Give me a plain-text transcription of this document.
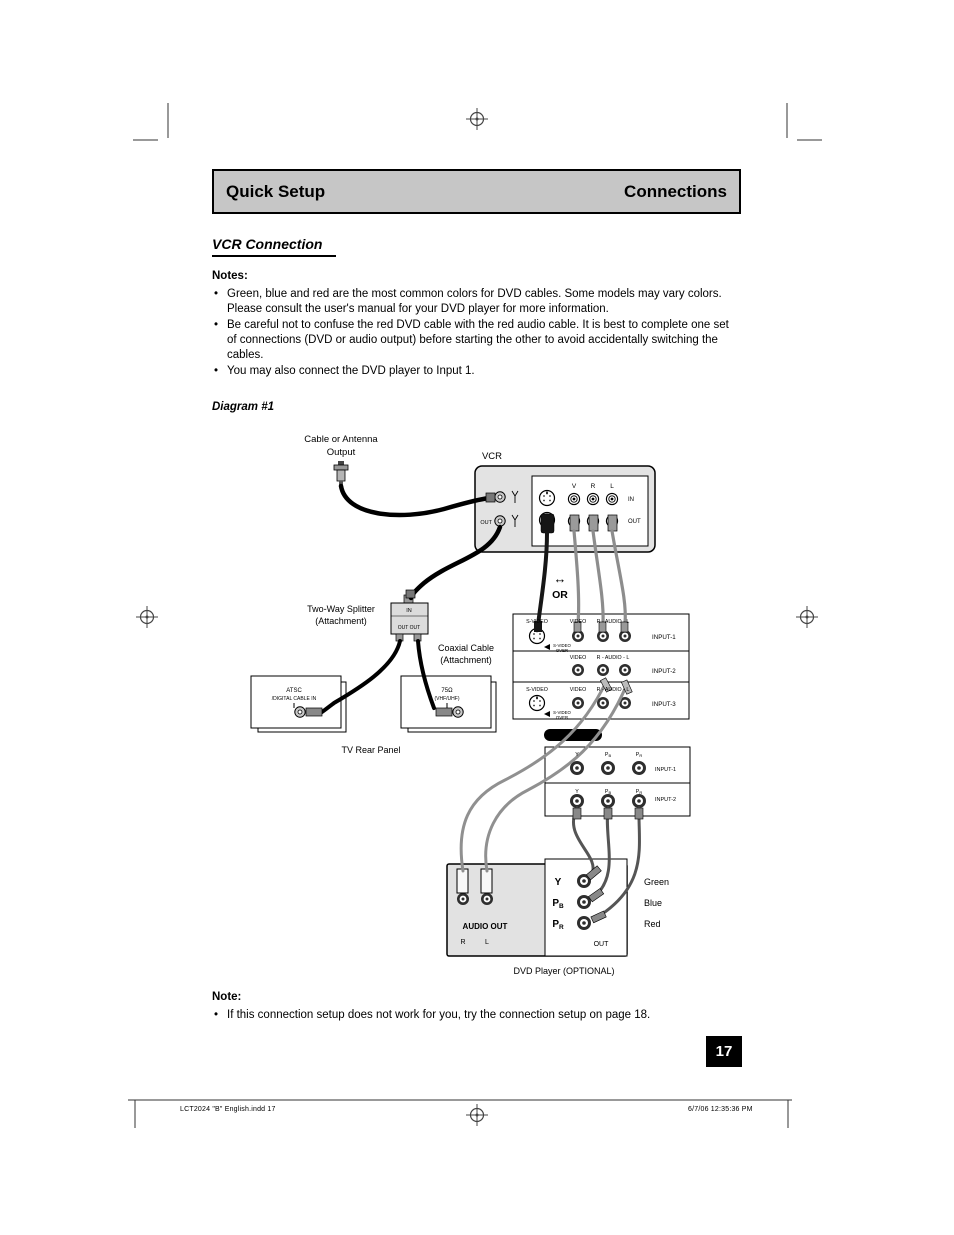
Cable or Antenna
Output	VCR
V R L
IN
OUT
OUT
↔
OR
Two-Way Splitter
(Attachment)
IN
OUT OUT
Coaxial Cable
(Attachment)
ATSC
/DIGITAL CABLE IN
75Ω
(VHF/UHF)
TV Rear Panel
S-VIDEO	VIDEO R - AUDIO - L
INPUT-1
S-VIDEO
OVER
VIDEO R - AUDIO - L
INPUT-2
S-VIDEO	VIDEO R - AUDIO - L
INPUT-3
S-VIDEO
OVER
Y	$P_B$	$P_R$
INPUT-1
Y	$P_B$	$P_R$
INPUT-2
Y
$P_B$
$P_R$
OUT
AUDIO OUT
R	L
Green
Blue
Red
DVD Player (OPTIONAL)
Quick Setup	Connections
VCR Connection
Notes:
• Green, blue and red are the most common colors for DVD cables. Some models may vary colors. Please consult the user's manual for your DVD player for more information.
• Be careful not to confuse the red DVD cable with the red audio cable. It is best to complete one set of connections (DVD or audio output) before starting the other to avoid accidentally switching the cables.
• You may also connect the DVD player to Input 1.
Diagram #1
Note:
• If this connection setup does not work for you, try the connection setup on page 18.
17
LCT2024 "B" English.indd 17	6/7/06 12:35:36 PM
